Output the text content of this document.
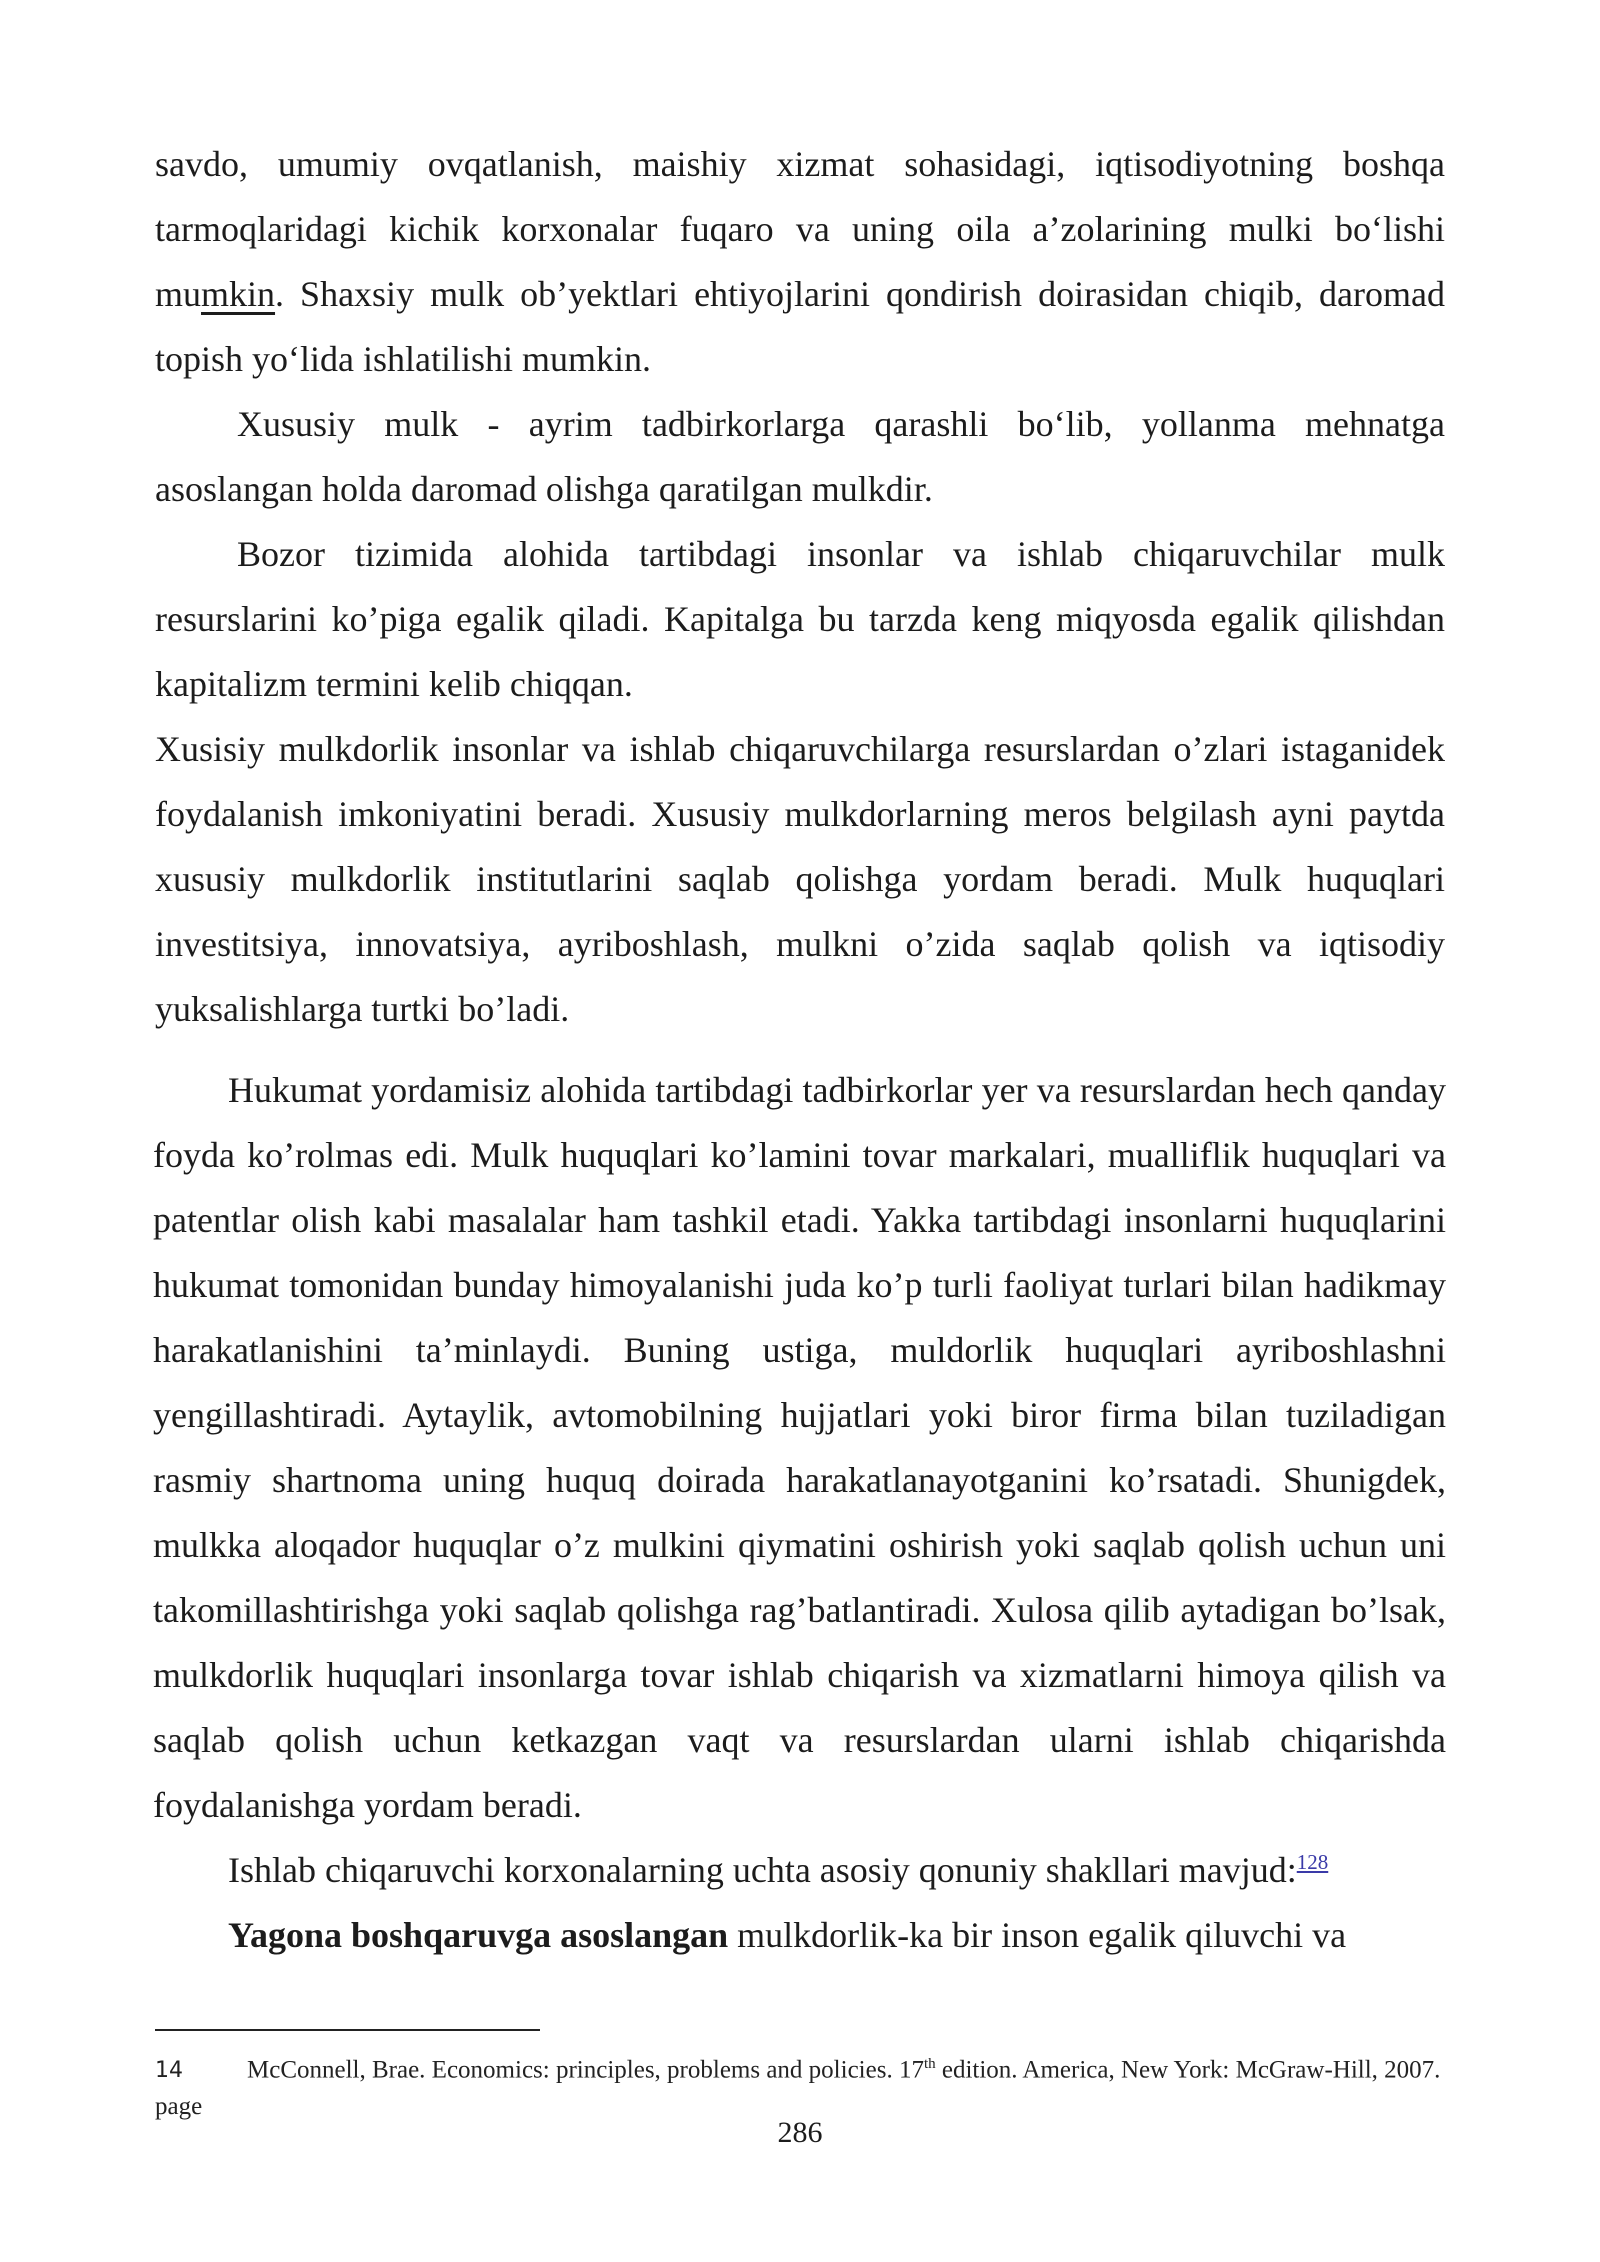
savdo, umumiy ovqatlanish, maishiy xizmat sohasidagi, iqtisodiyotning boshqa tarmoqlaridagi kichik korxonalar fuqaro va uning oila a’zolarining mulki bo‘lishi mumkin. Shaxsiy mulk ob’yektlari ehtiyojlarini qondirish doirasidan chiqib, daromad topish yo‘lida ishlatilishi mumkin.

Xususiy mulk - ayrim tadbirkorlarga qarashli bo‘lib, yollanma mehnatga asoslangan holda daromad olishga qaratilgan mulkdir.

Bozor tizimida alohida tartibdagi insonlar va ishlab chiqaruvchilar mulk resurslarini ko’piga egalik qiladi. Kapitalga bu tarzda keng miqyosda egalik qilishdan kapitalizm termini kelib chiqqan.

Xusisiy mulkdorlik insonlar va ishlab chiqaruvchilarga resurslardan o’zlari istaganidek foydalanish imkoniyatini beradi. Xususiy mulkdorlarning meros belgilash ayni paytda xususiy mulkdorlik institutlarini saqlab qolishga yordam beradi. Mulk huquqlari investitsiya, innovatsiya, ayriboshlash, mulkni o’zida saqlab qolish va iqtisodiy yuksalishlarga turtki bo’ladi.

Hukumat yordamisiz alohida tartibdagi tadbirkorlar yer va resurslardan hech qanday foyda ko’rolmas edi. Mulk huquqlari ko’lamini tovar markalari, mualliflik huquqlari va patentlar olish kabi masalalar ham tashkil etadi. Yakka tartibdagi insonlarni huquqlarini hukumat tomonidan bunday himoyalanishi juda ko’p turli faoliyat turlari bilan hadikmay harakatlanishini ta’minlaydi. Buning ustiga, muldorlik huquqlari ayriboshlashni yengillashtiradi. Aytaylik, avtomobilning hujjatlari yoki biror firma bilan tuziladigan rasmiy shartnoma uning huquq doirada harakatlanayotganini ko’rsatadi. Shunigdek, mulkka aloqador huquqlar o’z mulkini qiymatini oshirish yoki saqlab qolish uchun uni takomillashtirishga yoki saqlab qolishga rag’batlantiradi. Xulosa qilib aytadigan bo’lsak, mulkdorlik huquqlari insonlarga tovar ishlab chiqarish va xizmatlarni himoya qilish va saqlab qolish uchun ketkazgan vaqt va resurslardan ularni ishlab chiqarishda foydalanishga yordam beradi.

Ishlab chiqaruvchi korxonalarning uchta asosiy qonuniy shakllari mavjud:$^{128}$

Yagona boshqaruvga asoslangan mulkdorlik-ka bir inson egalik qiluvchi va

14	McConnell, Brae. Economics: principles, problems and policies. 17th edition. America, New York: McGraw-Hill, 2007. page
286
